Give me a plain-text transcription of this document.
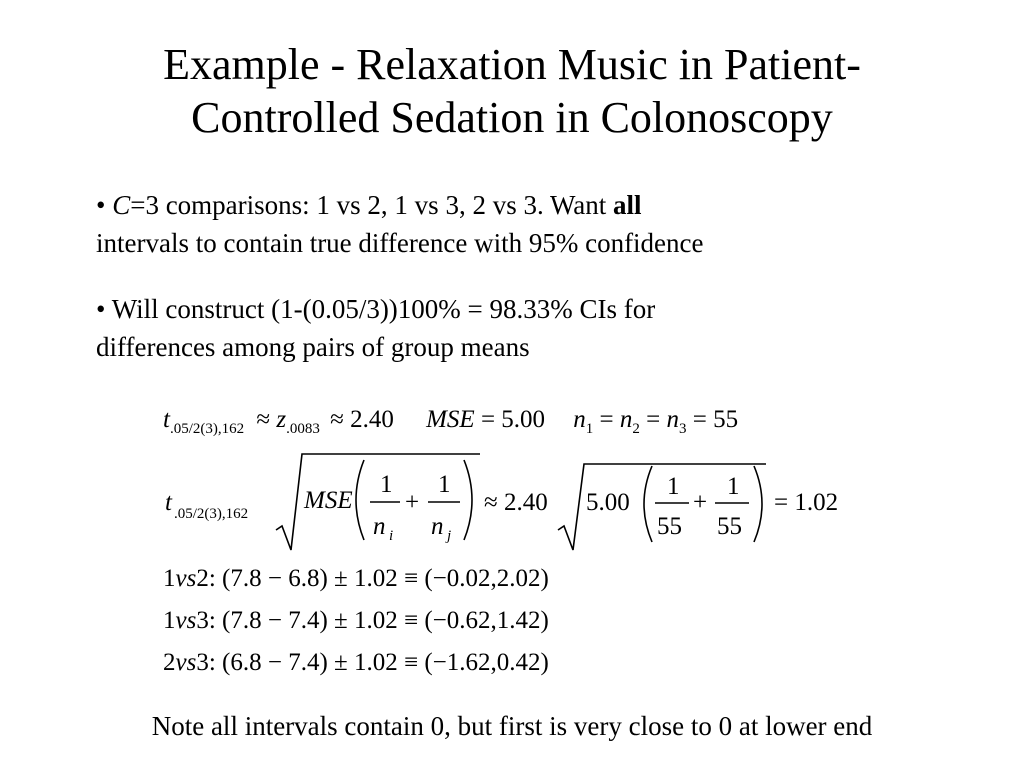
Example - Relaxation Music in Patient-
Controlled Sedation in Colonoscopy
• C=3 comparisons: 1 vs 2, 1 vs 3, 2 vs 3. Want all
intervals to contain true difference with 95% confidence
• Will construct (1-(0.05/3))100% = 98.33% CIs for
differences among pairs of group means
$t_{.05/2(3),162} \approx z_{.0083} \approx 2.40$ MSE = 5.00 $n_1 = n_2 = n_3 = 55$
t .05/2(3),162 MSE
1
n i
+
1
n j
≈ 2.40 5.00
1
55
+
1
55
= 1.02
1vs2: (7.8 − 6.8) ± 1.02 ≡ (−0.02,2.02)
1vs3: (7.8 − 7.4) ± 1.02 ≡ (−0.62,1.42)
2vs3: (6.8 − 7.4) ± 1.02 ≡ (−1.62,0.42)
Note all intervals contain 0, but first is very close to 0 at lower end
